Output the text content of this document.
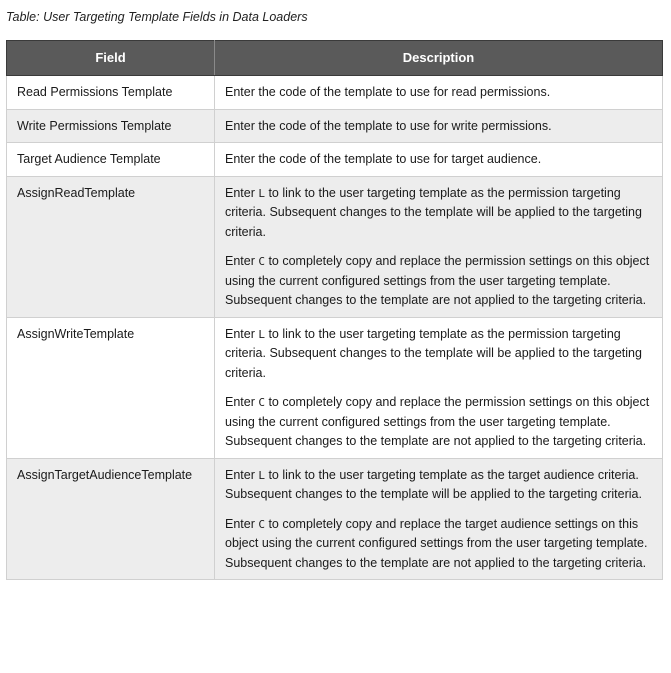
Table: User Targeting Template Fields in Data Loaders

Field	Description
Read Permissions Template	Enter the code of the template to use for read permissions.
Write Permissions Template	Enter the code of the template to use for write permissions.
Target Audience Template	Enter the code of the template to use for target audience.
AssignReadTemplate	Enter L to link to the user targeting template as the permission targeting criteria. Subsequent changes to the template will be applied to the targeting criteria.

Enter C to completely copy and replace the permission settings on this object using the current configured settings from the user targeting template. Subsequent changes to the template are not applied to the targeting criteria.

AssignWriteTemplate	Enter L to link to the user targeting template as the permission targeting criteria. Subsequent changes to the template will be applied to the targeting criteria.

Enter C to completely copy and replace the permission settings on this object using the current configured settings from the user targeting template. Subsequent changes to the template are not applied to the targeting criteria.

AssignTargetAudienceTemplate	Enter L to link to the user targeting template as the target audience criteria. Subsequent changes to the template will be applied to the targeting criteria.

Enter C to completely copy and replace the target audience settings on this object using the current configured settings from the user targeting template. Subsequent changes to the template are not applied to the targeting criteria.
